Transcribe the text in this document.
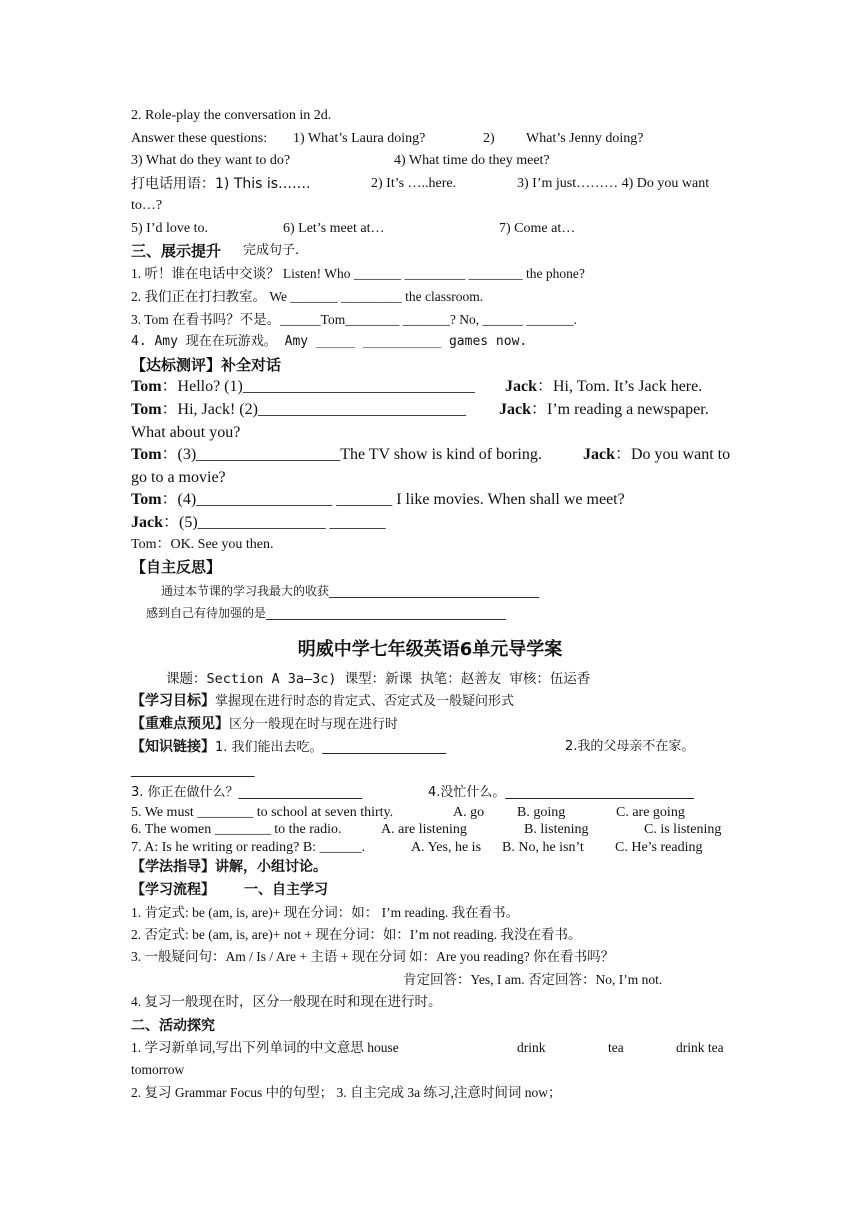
2. Role-play the conversation in 2d.
Answer these questions: 1) What’s Laura doing?	2) What’s Jenny doing?
3) What do they want to do?	4) What time do they meet?
打电话用语：1) This is…….	2) It’s …..here.	3) I’m just……… 4) Do you want
to…?
5) I’d love to.	6) Let’s meet at…	7) Come at…
三、展示提升 完成句子.
1. 听！谁在电话中交谈？ Listen! Who _______ _________ ________ the phone?
2. 我们正在打扫教室。 We _______ _________ the classroom.
3. Tom 在看书吗？不是。______Tom________ _______? No, ______ _______.
4. Amy 现在在玩游戏。 Amy _____ __________ games now.
【达标测评】补全对话
Tom：Hello? (1)_____________________________ Jack：Hi, Tom. It’s Jack here.
Tom：Hi, Jack! (2)__________________________ Jack：I’m reading a newspaper.
What about you?
Tom：(3)__________________The TV show is kind of boring.	Jack：Do you want to
go to a movie?
Tom：(4)_________________ _______ I like movies. When shall we meet?
Jack：(5)________________ _______
Tom：OK. See you then.
【自主反思】
通过本节课的学习我最大的收获___________________________________
感到自己有待加强的是________________________________________
明威中学七年级英语6单元导学案
课题：Section A 3a—3c) 课型：新课 执笔：赵善友 审核：伍运香
【学习目标】掌握现在进行时态的肯定式、否定式及一般疑问形式
【重难点预见】区分一般现在时与现在进行时
【知识链接】1. 我们能出去吃。___________________	2.我的父母亲不在家。
___________________
3. 你正在做什么？___________________	4.没忙什么。_____________________________
5. We must ________ to school at seven thirty.	A. go B. going	C. are going
6. The women ________ to the radio.	A. are listening	B. listening	C. is listening
7. A: Is he writing or reading? B: ______.	A. Yes, he is B. No, he isn’t C. He’s reading
【学法指导】讲解，小组讨论。
【学习流程】 一、自主学习
1. 肯定式: be (am, is, are)+ 现在分词：如： I’m reading. 我在看书。
2. 否定式: be (am, is, are)+ not + 现在分词：如：I’m not reading. 我没在看书。
3. 一般疑问句：Am / Is / Are + 主语 + 现在分词 如：Are you reading? 你在看书吗？
肯定回答：Yes, I am. 否定回答：No, I’m not.
4. 复习一般现在时，区分一般现在时和现在进行时。
二、活动探究
1. 学习新单词,写出下列单词的中文意思 house	drink	tea	drink tea
tomorrow
2. 复习 Grammar Focus 中的句型； 3. 自主完成 3a 练习,注意时间词 now；
